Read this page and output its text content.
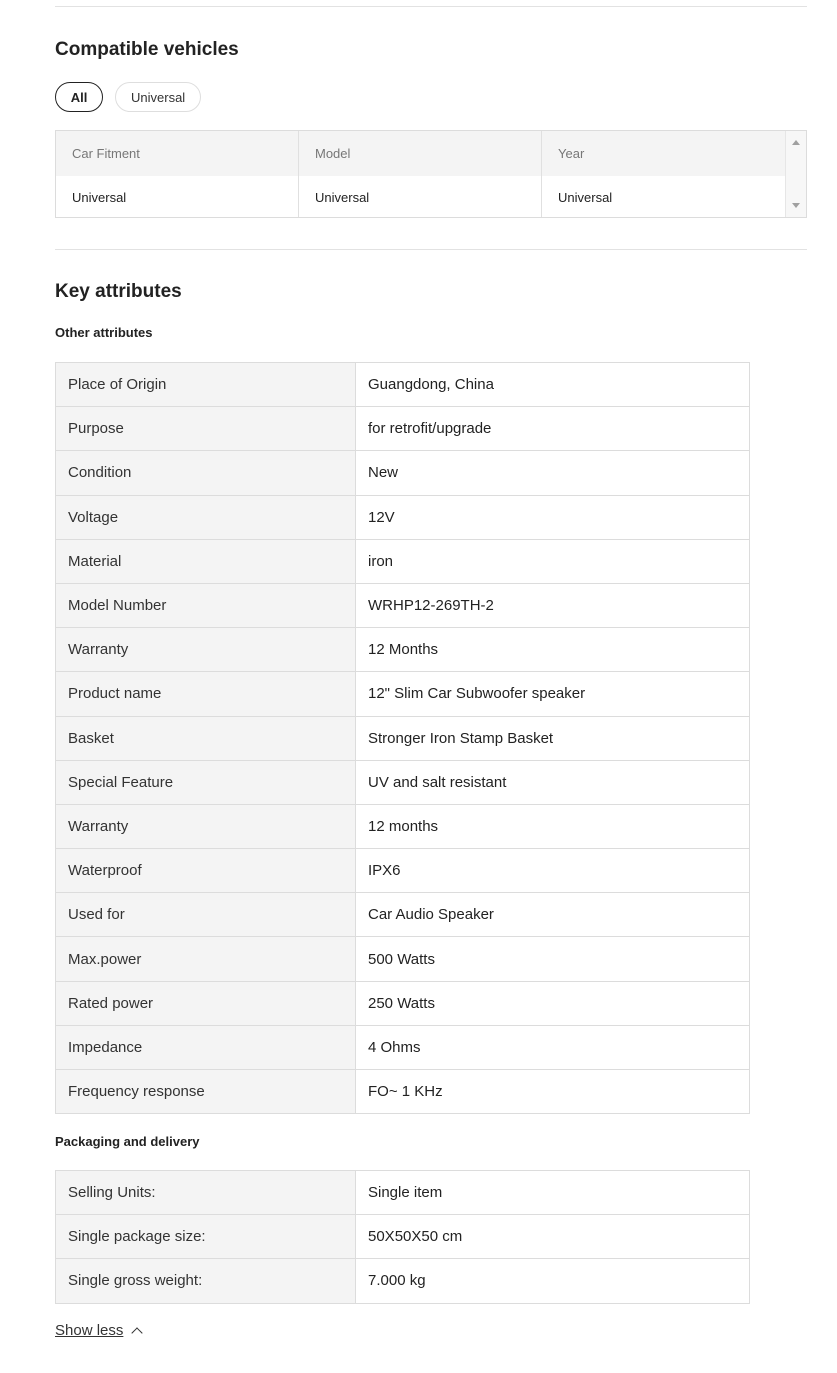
Compatible vehicles
All	Universal
Car Fitment	Model	Year
Universal	Universal	Universal
Key attributes
Other attributes
Place of Origin	Guangdong, China
Purpose	for retrofit/upgrade
Condition	New
Voltage	12V
Material	iron
Model Number	WRHP12-269TH-2
Warranty	12 Months
Product name	12" Slim Car Subwoofer speaker
Basket	Stronger Iron Stamp Basket
Special Feature	UV and salt resistant
Warranty	12 months
Waterproof	IPX6
Used for	Car Audio Speaker
Max.power	500 Watts
Rated power	250 Watts
Impedance	4 Ohms
Frequency response	FO~ 1 KHz
Packaging and delivery
Selling Units:	Single item
Single package size:	50X50X50 cm
Single gross weight:	7.000 kg
Show less
